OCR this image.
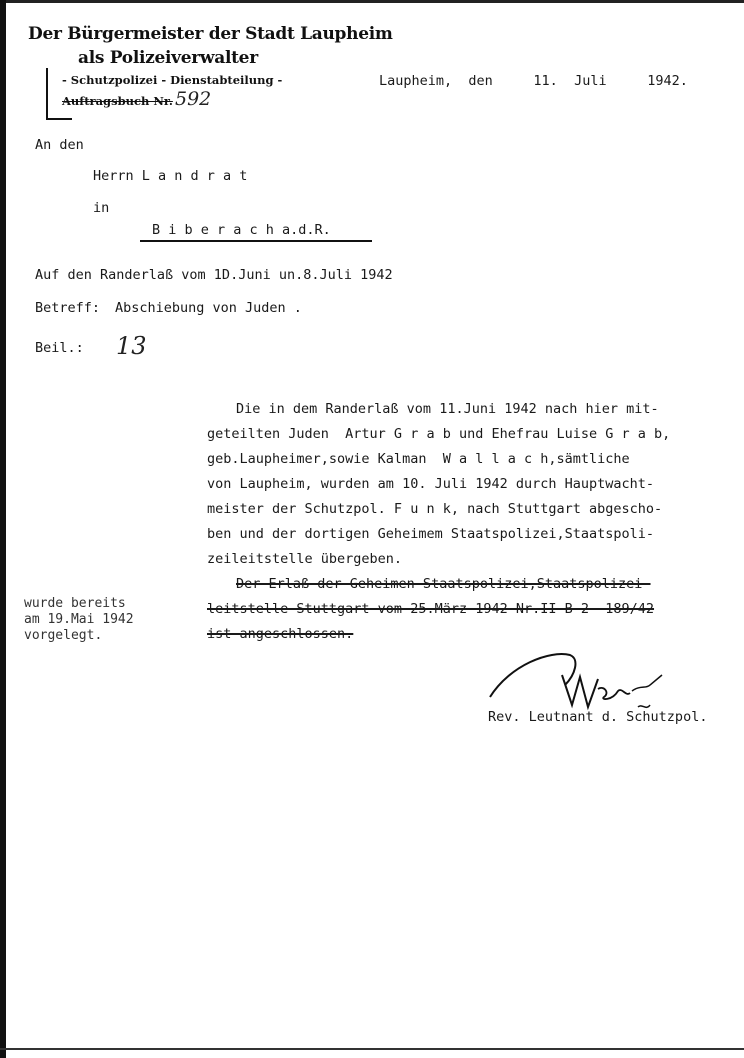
Der Bürgermeister der Stadt Laupheim
als Polizeiverwalter
- Schutzpolizei - Dienstabteilung -
Auftragsbuch Nr. 592
Laupheim,  den     11.  Juli     1942.
An den
Herrn L a n d r a t
in
B i b e r a c h a.d.R.
Auf den Randerlaß vom 1D.Juni un.8.Juli 1942
Betreff: Abschiebung von Juden .
Beil.: 13
Die in dem Randerlaß vom 11.Juni 1942 nach hier mit-
geteilten Juden  Artur G r a b und Ehefrau Luise G r a b,
geb.Laupheimer,sowie Kalman  W a l l a c h,sämtliche
von Laupheim, wurden am 10. Juli 1942 durch Hauptwacht-
meister der Schutzpol. F u n k, nach Stuttgart abgescho-
ben und der dortigen Geheimem Staatspolizei,Staatspoli-
zeileitstelle übergeben.
Der Erlaß der Geheimen Staatspolizei,Staatspolizei-
leitstelle Stuttgart vom 25.März 1942 Nr.II B 2 -189/42
ist angeschlossen.
wurde bereits
am 19.Mai 1942
vorgelegt.
Rev. Leutnant d. Schutzpol.
